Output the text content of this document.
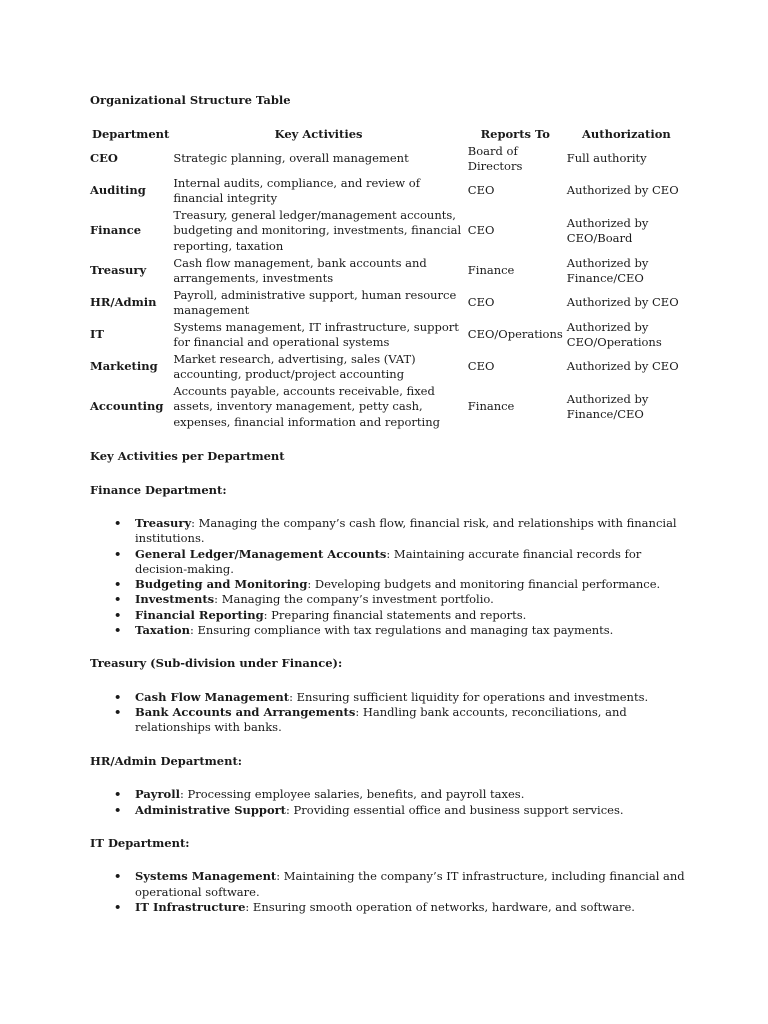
Organizational Structure Table
Department	Key Activities	Reports To	Authorization
CEO	Strategic planning, overall management	Board of Directors	Full authority
Auditing	Internal audits, compliance, and review of financial integrity	CEO	Authorized by CEO
Finance	Treasury, general ledger/management accounts, budgeting and monitoring, investments, financial reporting, taxation	CEO	Authorized by CEO/Board
Treasury	Cash flow management, bank accounts and arrangements, investments	Finance	Authorized by Finance/CEO
HR/Admin	Payroll, administrative support, human resource management	CEO	Authorized by CEO
IT	Systems management, IT infrastructure, support for financial and operational systems	CEO/Operations	Authorized by CEO/Operations
Marketing	Market research, advertising, sales (VAT) accounting, product/project accounting	CEO	Authorized by CEO
Accounting	Accounts payable, accounts receivable, fixed assets, inventory management, petty cash, expenses, financial information and reporting	Finance	Authorized by Finance/CEO
Key Activities per Department
Finance Department:
• Treasury: Managing the company’s cash flow, financial risk, and relationships with financial institutions.
• General Ledger/Management Accounts: Maintaining accurate financial records for decision-making.
• Budgeting and Monitoring: Developing budgets and monitoring financial performance.
• Investments: Managing the company’s investment portfolio.
• Financial Reporting: Preparing financial statements and reports.
• Taxation: Ensuring compliance with tax regulations and managing tax payments.
Treasury (Sub-division under Finance):
• Cash Flow Management: Ensuring sufficient liquidity for operations and investments.
• Bank Accounts and Arrangements: Handling bank accounts, reconciliations, and relationships with banks.
HR/Admin Department:
• Payroll: Processing employee salaries, benefits, and payroll taxes.
• Administrative Support: Providing essential office and business support services.
IT Department:
• Systems Management: Maintaining the company’s IT infrastructure, including financial and operational software.
• IT Infrastructure: Ensuring smooth operation of networks, hardware, and software.
